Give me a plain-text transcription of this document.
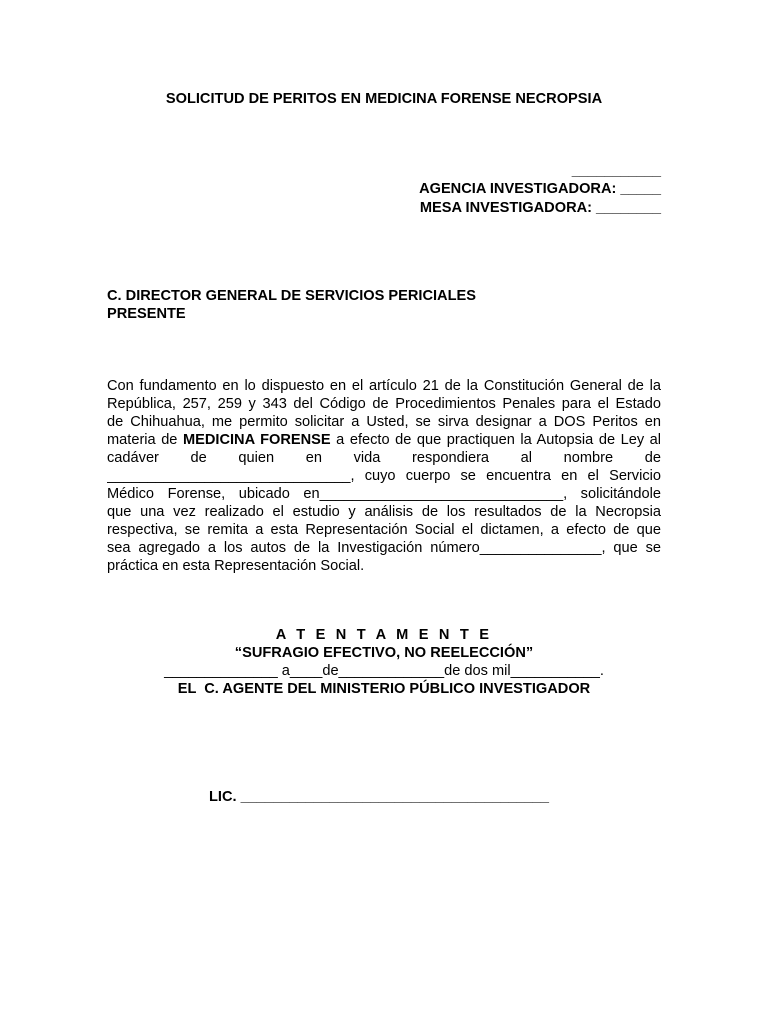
SOLICITUD DE PERITOS EN MEDICINA FORENSE NECROPSIA
___________
AGENCIA INVESTIGADORA: _____
MESA INVESTIGADORA: ________
C. DIRECTOR GENERAL DE SERVICIOS PERICIALES
PRESENTE
Con fundamento en lo dispuesto en el artículo 21 de la Constitución General de la
República, 257, 259 y 343 del Código de Procedimientos Penales para el Estado
de Chihuahua, me permito solicitar a Usted, se sirva designar a DOS Peritos en
materia de MEDICINA FORENSE a efecto de que practiquen la Autopsia de Ley al
cadáver de quien en vida respondiera al nombre de
______________________________, cuyo cuerpo se encuentra en el Servicio
Médico Forense, ubicado en______________________________, solicitándole
que una vez realizado el estudio y análisis de los resultados de la Necropsia
respectiva, se remita a esta Representación Social el dictamen, a efecto de que
sea agregado a los autos de la Investigación número_______________, que se
práctica en esta Representación Social.
A T E N T A M E N T E
“SUFRAGIO EFECTIVO, NO REELECCIÓN”
______________ a____de_____________de dos mil___________.
EL  C. AGENTE DEL MINISTERIO PÚBLICO INVESTIGADOR
LIC. ______________________________________
